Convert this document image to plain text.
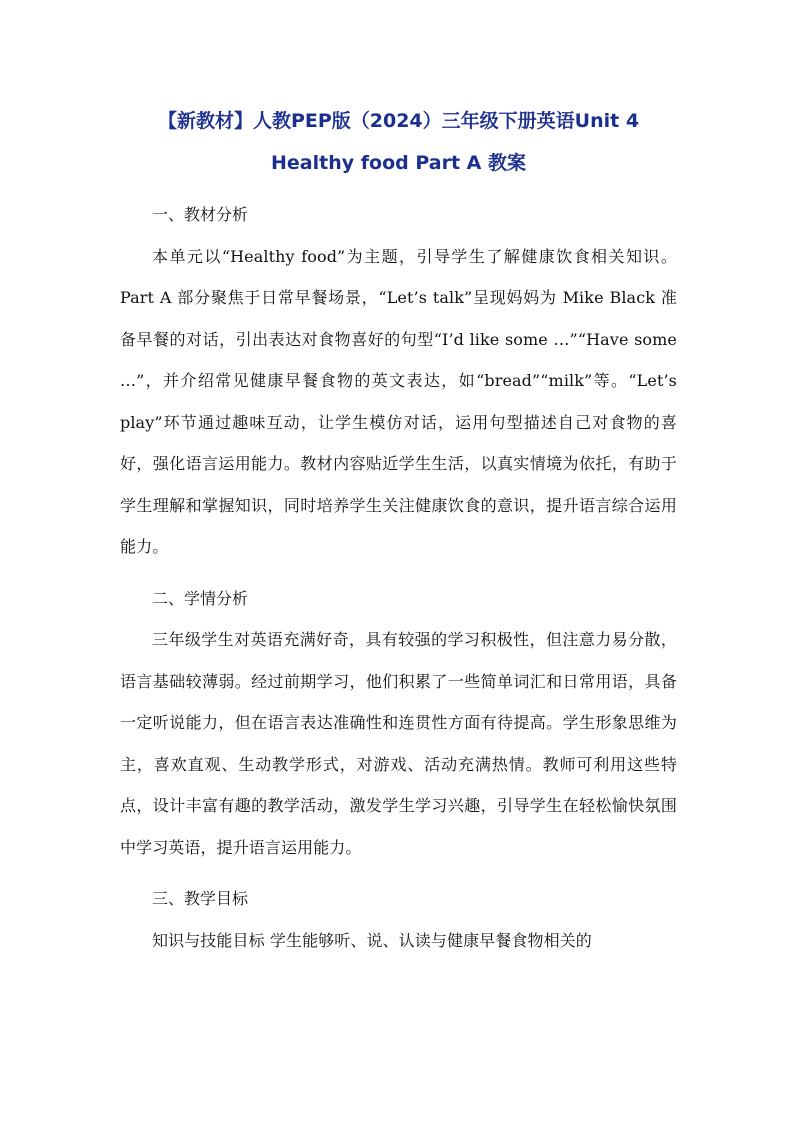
【新教材】人教PEP版（2024）三年级下册英语Unit 4 Healthy food Part A 教案
一、教材分析

本单元以“Healthy food”为主题，引导学生了解健康饮食相关知识。Part A 部分聚焦于日常早餐场景，“Let’s talk”呈现妈妈为 Mike Black 准备早餐的对话，引出表达对食物喜好的句型“I’d like some …”“Have some …”，并介绍常见健康早餐食物的英文表达，如“bread”“milk”等。“Let’s play”环节通过趣味互动，让学生模仿对话，运用句型描述自己对食物的喜好，强化语言运用能力。教材内容贴近学生生活，以真实情境为依托，有助于学生理解和掌握知识，同时培养学生关注健康饮食的意识，提升语言综合运用能力。

二、学情分析

三年级学生对英语充满好奇，具有较强的学习积极性，但注意力易分散，语言基础较薄弱。经过前期学习，他们积累了一些简单词汇和日常用语，具备一定听说能力，但在语言表达准确性和连贯性方面有待提高。学生形象思维为主，喜欢直观、生动教学形式，对游戏、活动充满热情。教师可利用这些特点，设计丰富有趣的教学活动，激发学生学习兴趣，引导学生在轻松愉快氛围中学习英语，提升语言运用能力。

三、教学目标

知识与技能目标 学生能够听、说、认读与健康早餐食物相关的
